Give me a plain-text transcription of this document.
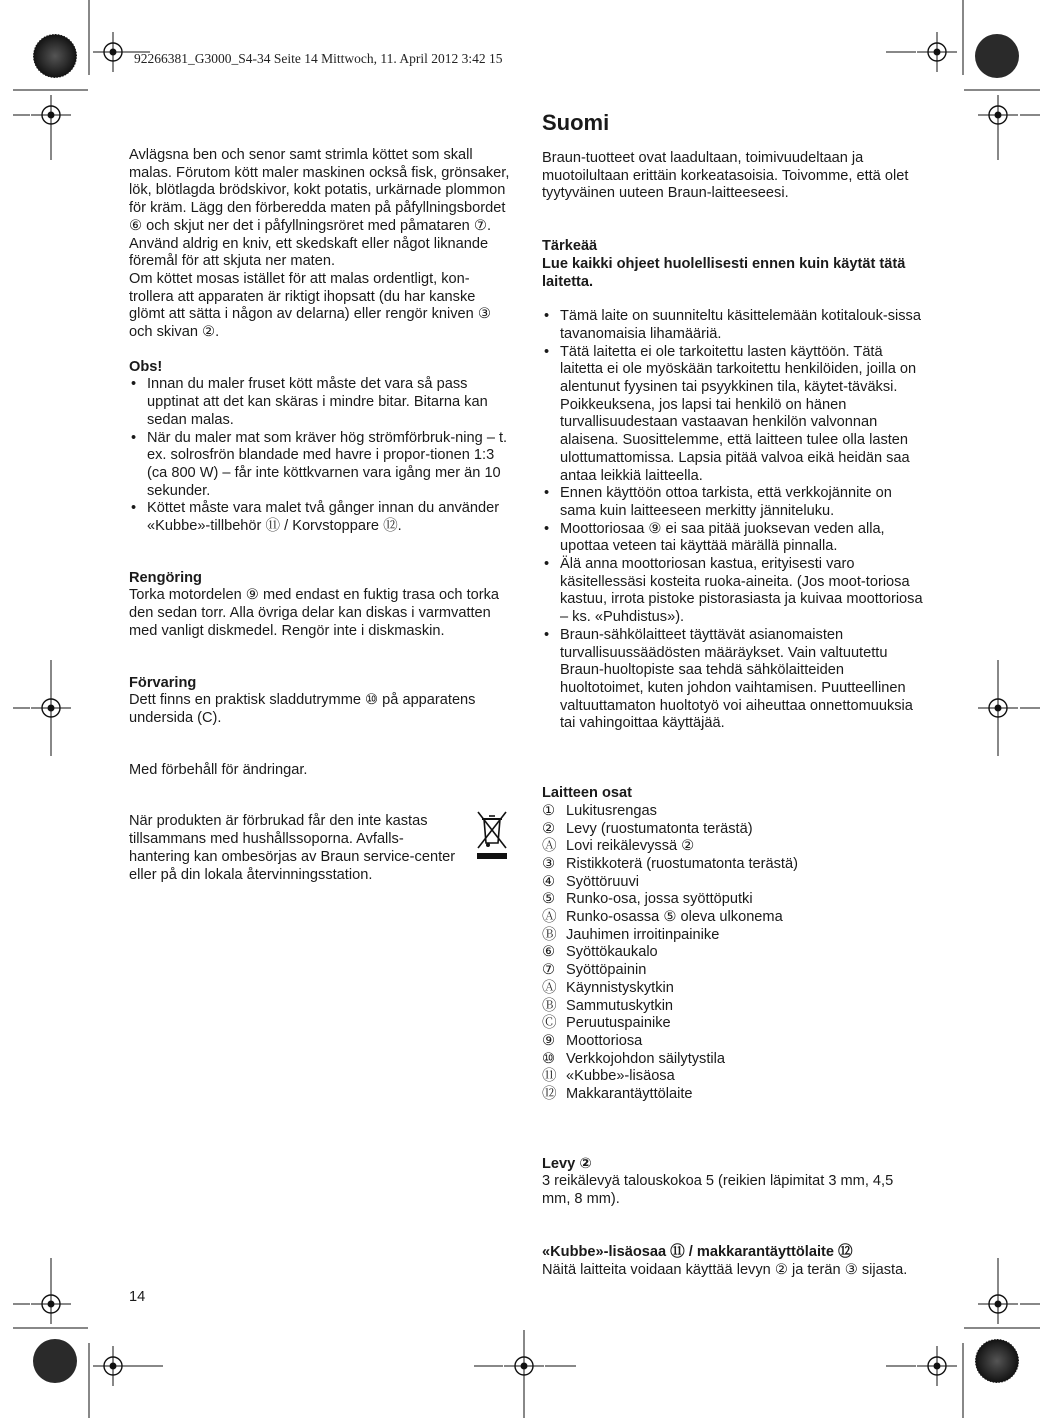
92266381_G3000_S4-34 Seite 14 Mittwoch, 11. April 2012 3:42 15

Avlägsna ben och senor samt strimla köttet som skall malas. Förutom kött maler maskinen också fisk, grönsaker, lök, blötlagda brödskivor, kokt potatis, urkärnade plommon för kräm. Lägg den förberedda maten på påfyllningsbordet ⑥ och skjut ner det i påfyllningsröret med påmataren ⑦. Använd aldrig en kniv, ett skedskaft eller något liknande föremål för att skjuta ner maten.

Om köttet mosas istället för att malas ordentligt, kon-trollera att apparaten är riktigt ihopsatt (du har kanske glömt att sätta i någon av delarna) eller rengör kniven ③ och skivan ②.

Obs!
• Innan du maler fruset kött måste det vara så pass upptinat att det kan skäras i mindre bitar. Bitarna kan sedan malas.
• När du maler mat som kräver hög strömförbruk-ning – t. ex. solrosfrön blandade med havre i propor-tionen 1:3 (ca 800 W) – får inte köttkvarnen vara igång mer än 10 sekunder.
• Köttet måste vara malet två gånger innan du använder «Kubbe»-tillbehör ⑪ / Korvstoppare ⑫.
Rengöring

Torka motordelen ⑨ med endast en fuktig trasa och torka den sedan torr. Alla övriga delar kan diskas i varmvatten med vanligt diskmedel. Rengör inte i diskmaskin.

Förvaring

Dett finns en praktisk sladdutrymme ⑩ på apparatens undersida (C).

Med förbehåll för ändringar.

När produkten är förbrukad får den inte kastas tillsammans med hushållssoporna. Avfalls-hantering kan ombesörjas av Braun service-center eller på din lokala återvinningsstation.

Suomi

Braun-tuotteet ovat laadultaan, toimivuudeltaan ja muotoilultaan erittäin korkeatasoisia. Toivomme, että olet tyytyväinen uuteen Braun-laitteeseesi.

Tärkeää
Lue kaikki ohjeet huolellisesti ennen kuin käytät tätä laitetta.
• Tämä laite on suunniteltu käsittelemään kotitalouk-sissa tavanomaisia lihamääriä.
• Tätä laitetta ei ole tarkoitettu lasten käyttöön. Tätä laitetta ei ole myöskään tarkoitettu henkilöiden, joilla on alentunut fyysinen tai psyykkinen tila, käytet-täväksi. Poikkeuksena, jos lapsi tai henkilö on hänen turvallisuudestaan vastaavan henkilön valvonnan alaisena. Suosittelemme, että laitteen tulee olla lasten ulottumattomissa. Lapsia pitää valvoa eikä heidän saa antaa leikkiä laitteella.
• Ennen käyttöön ottoa tarkista, että verkkojännite on sama kuin laitteeseen merkitty jänniteluku.
• Moottoriosaa ⑨ ei saa pitää juoksevan veden alla, upottaa veteen tai käyttää märällä pinnalla.
• Älä anna moottoriosan kastua, erityisesti varo käsitellessäsi kosteita ruoka-aineita. (Jos moot-toriosa kastuu, irrota pistoke pistorasiasta ja kuivaa moottoriosa – ks. «Puhdistus»).
• Braun-sähkölaitteet täyttävät asianomaisten turvallisuussäädösten määräykset. Vain valtuutettu Braun-huoltopiste saa tehdä sähkölaitteiden huoltotoimet, kuten johdon vaihtamisen. Puutteellinen valtuuttamaton huoltotyö voi aiheuttaa onnettomuuksia tai vahingoittaa käyttäjää.
Laitteen osat
① Lukitusrengas
② Levy (ruostumatonta terästä)
Ⓐ Lovi reikälevyssä ②
③ Ristikkoterä (ruostumatonta terästä)
④ Syöttöruuvi
⑤ Runko-osa, jossa syöttöputki
Ⓐ Runko-osassa ⑤ oleva ulkonema
Ⓑ Jauhimen irroitinpainike
⑥ Syöttökaukalo
⑦ Syöttöpainin
Ⓐ Käynnistyskytkin
Ⓑ Sammutuskytkin
Ⓒ Peruutuspainike
⑨ Moottoriosa
⑩ Verkkojohdon säilytystila
⑪ «Kubbe»-lisäosa
⑫ Makkarantäyttölaite
Levy ②

3 reikälevyä talouskokoa 5 (reikien läpimitat 3 mm, 4,5 mm, 8 mm).

«Kubbe»-lisäosaa ⑪ / makkarantäyttölaite ⑫

Näitä laitteita voidaan käyttää levyn ② ja terän ③ sijasta.

14
